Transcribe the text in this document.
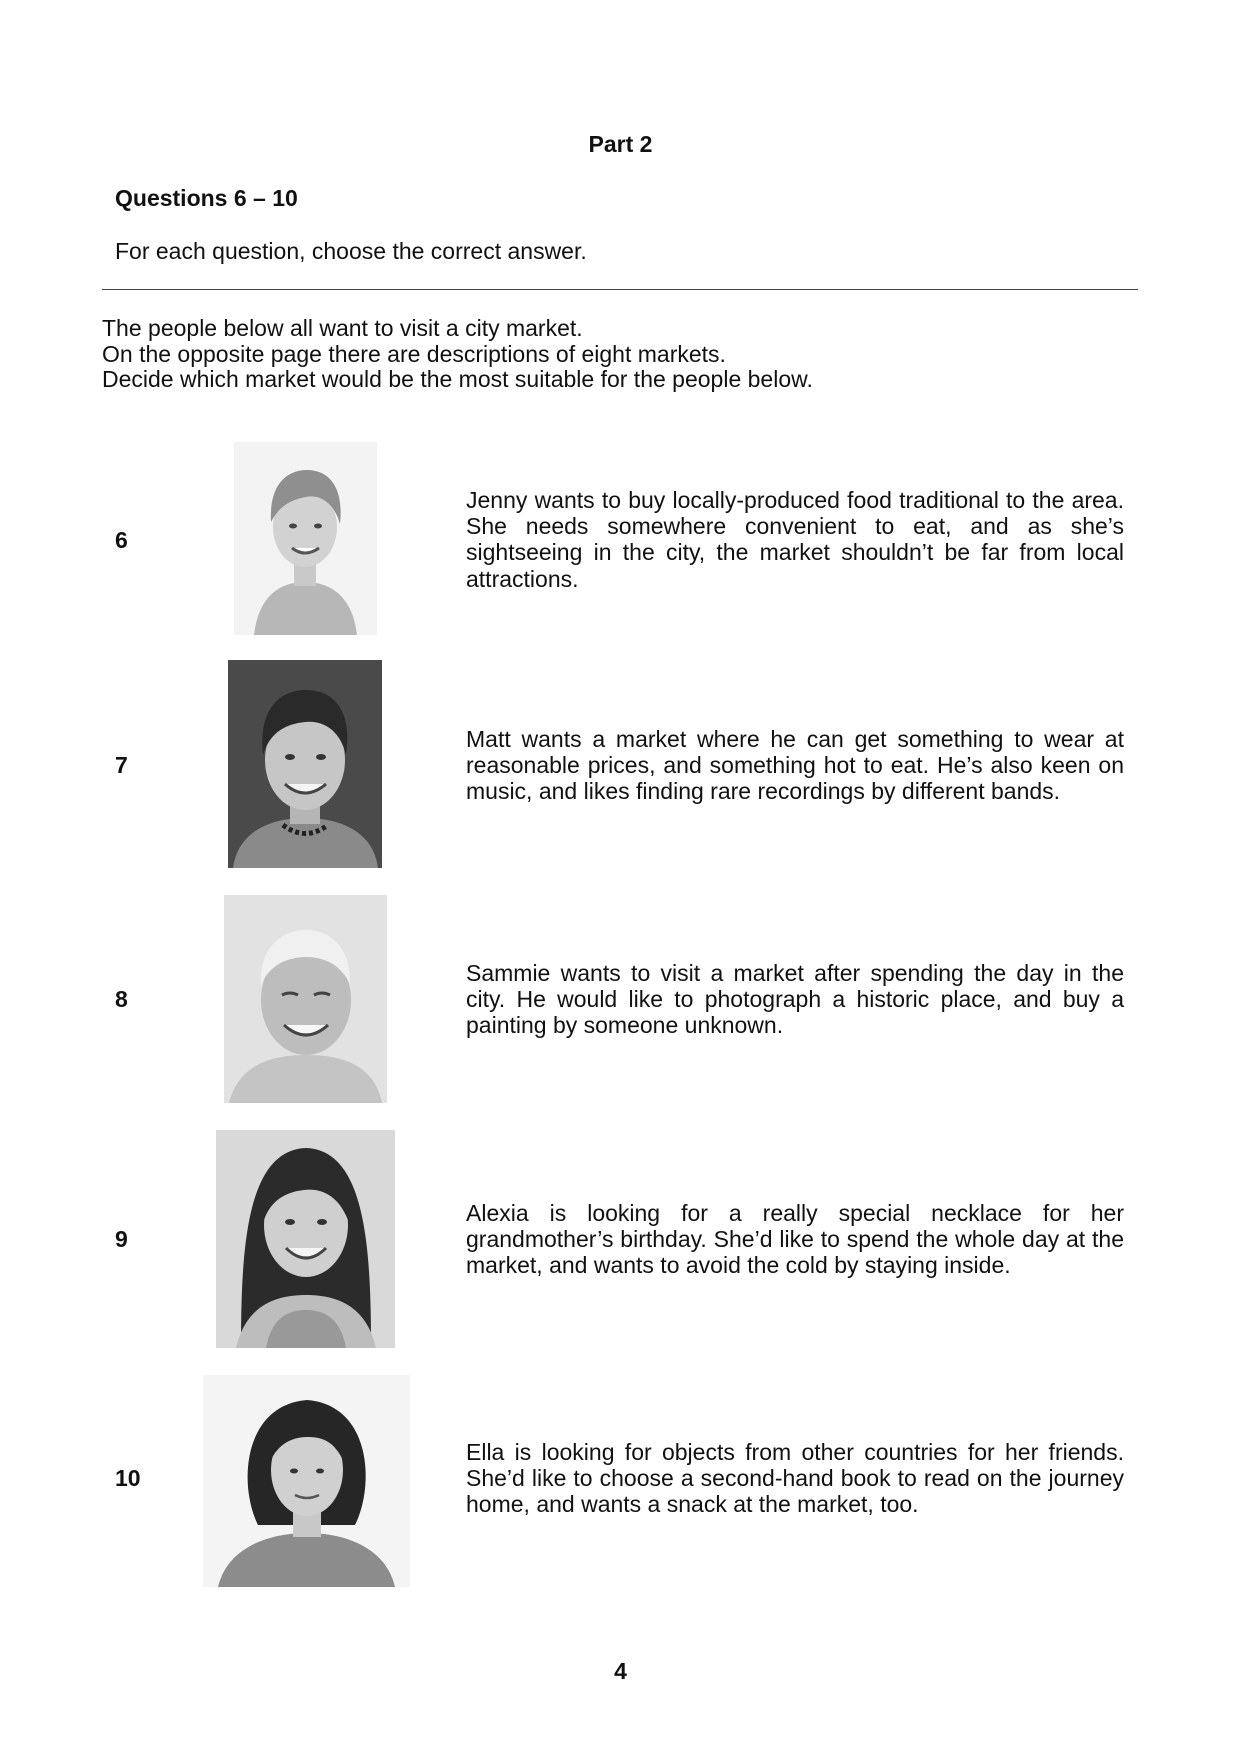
Part 2
Questions 6 – 10
For each question, choose the correct answer.
The people below all want to visit a city market.
On the opposite page there are descriptions of eight markets.
Decide which market would be the most suitable for the people below.
6
Jenny wants to buy locally-produced food traditional to the area. She needs somewhere convenient to eat, and as she’s sightseeing in the city, the market shouldn’t be far from local attractions.
7
Matt wants a market where he can get something to wear at reasonable prices, and something hot to eat. He’s also keen on music, and likes finding rare recordings by different bands.
8
Sammie wants to visit a market after spending the day in the city. He would like to photograph a historic place, and buy a painting by someone unknown.
9
Alexia is looking for a really special necklace for her grandmother’s birthday. She’d like to spend the whole day at the market, and wants to avoid the cold by staying inside.
10
Ella is looking for objects from other countries for her friends. She’d like to choose a second-hand book to read on the journey home, and wants a snack at the market, too.
4
